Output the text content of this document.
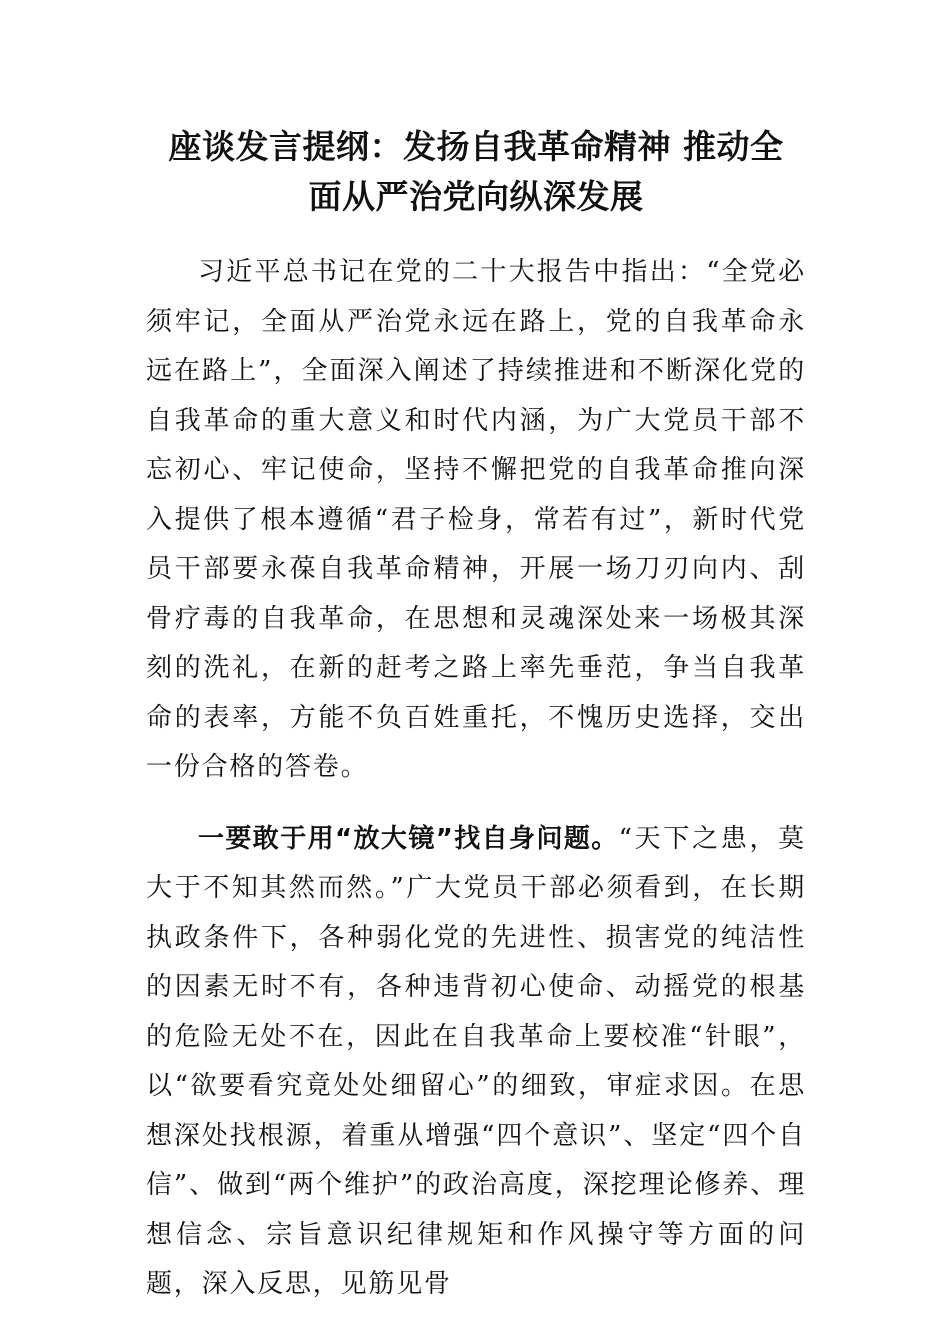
座谈发言提纲：发扬自我革命精神 推动全
面从严治党向纵深发展

习近平总书记在党的二十大报告中指出：“全党必须牢记，全面从严治党永远在路上，党的自我革命永远在路上”，全面深入阐述了持续推进和不断深化党的自我革命的重大意义和时代内涵，为广大党员干部不忘初心、牢记使命，坚持不懈把党的自我革命推向深入提供了根本遵循“君子检身，常若有过”，新时代党员干部要永葆自我革命精神，开展一场刀刃向内、刮骨疗毒的自我革命，在思想和灵魂深处来一场极其深刻的洗礼，在新的赶考之路上率先垂范，争当自我革命的表率，方能不负百姓重托，不愧历史选择，交出一份合格的答卷。

一要敢于用“放大镜”找自身问题。“天下之患，莫大于不知其然而然。”广大党员干部必须看到，在长期执政条件下，各种弱化党的先进性、损害党的纯洁性的因素无时不有，各种违背初心使命、动摇党的根基的危险无处不在，因此在自我革命上要校准“针眼”，以“欲要看究竟处处细留心”的细致，审症求因。在思想深处找根源，着重从增强“四个意识”、坚定“四个自信”、做到“两个维护”的政治高度，深挖理论修养、理想信念、宗旨意识纪律规矩和作风操守等方面的问题，深入反思，见筋见骨
